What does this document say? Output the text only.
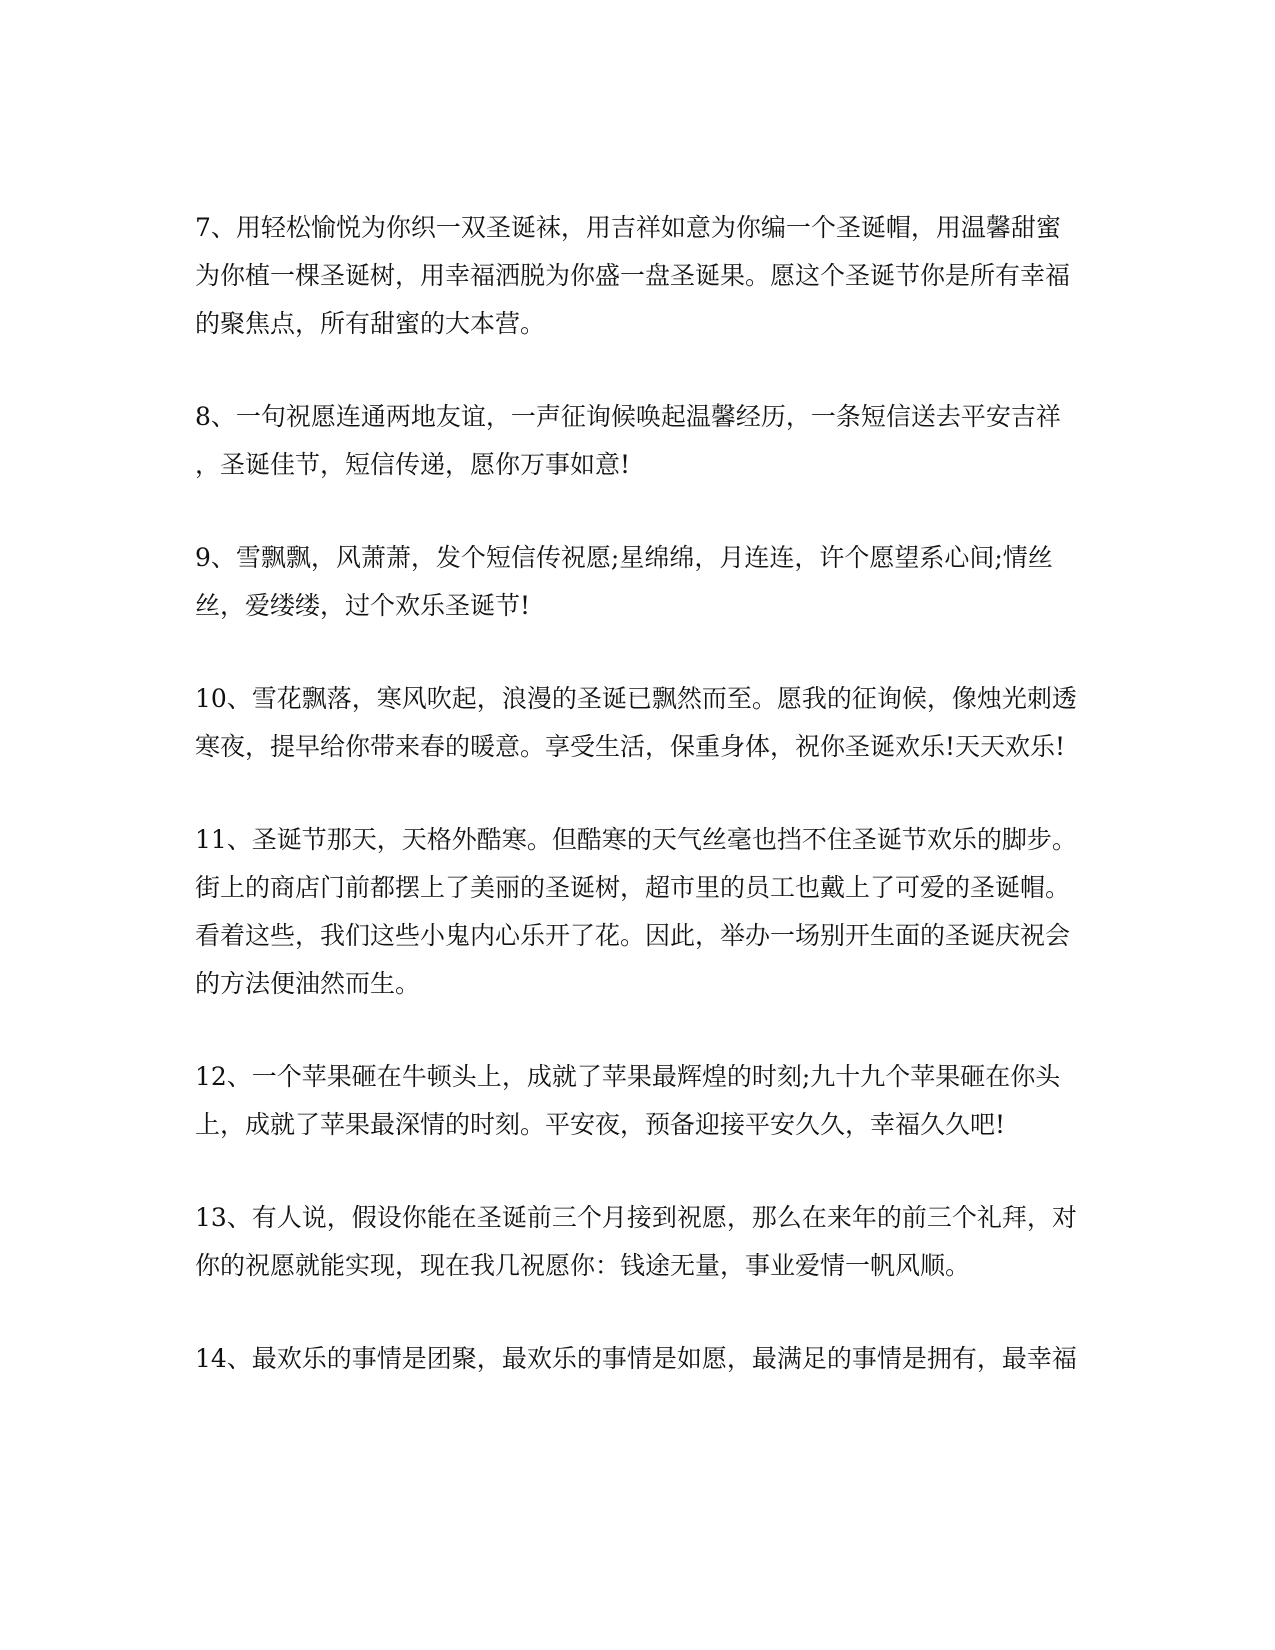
7、用轻松愉悦为你织一双圣诞袜，用吉祥如意为你编一个圣诞帽，用温馨甜蜜
为你植一棵圣诞树，用幸福洒脱为你盛一盘圣诞果。愿这个圣诞节你是所有幸福
的聚焦点，所有甜蜜的大本营。
8、一句祝愿连通两地友谊，一声征询候唤起温馨经历，一条短信送去平安吉祥
，圣诞佳节，短信传递，愿你万事如意!
9、雪飘飘，风萧萧，发个短信传祝愿;星绵绵，月连连，许个愿望系心间;情丝
丝，爱缕缕，过个欢乐圣诞节!
10、雪花飘落，寒风吹起，浪漫的圣诞已飘然而至。愿我的征询候，像烛光刺透
寒夜，提早给你带来春的暖意。享受生活，保重身体，祝你圣诞欢乐!天天欢乐!
11、圣诞节那天，天格外酷寒。但酷寒的天气丝毫也挡不住圣诞节欢乐的脚步。
街上的商店门前都摆上了美丽的圣诞树，超市里的员工也戴上了可爱的圣诞帽。
看着这些，我们这些小鬼内心乐开了花。因此，举办一场别开生面的圣诞庆祝会
的方法便油然而生。
12、一个苹果砸在牛顿头上，成就了苹果最辉煌的时刻;九十九个苹果砸在你头
上，成就了苹果最深情的时刻。平安夜，预备迎接平安久久，幸福久久吧!
13、有人说，假设你能在圣诞前三个月接到祝愿，那么在来年的前三个礼拜，对
你的祝愿就能实现，现在我几祝愿你：钱途无量，事业爱情一帆风顺。
14、最欢乐的事情是团聚，最欢乐的事情是如愿，最满足的事情是拥有，最幸福
